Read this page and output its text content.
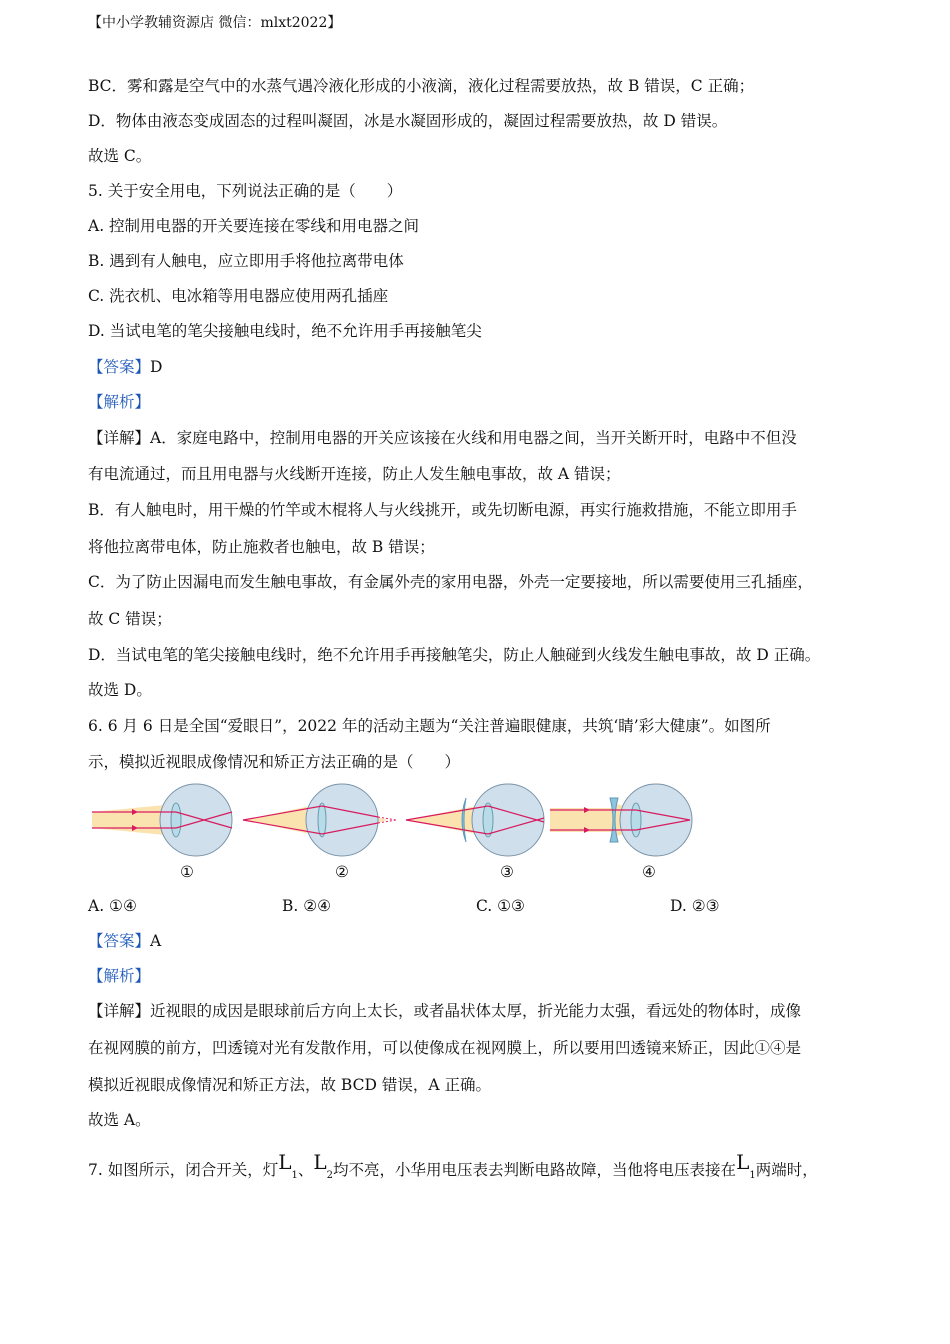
【中小学教辅资源店 微信：mlxt2022】
BC．雾和露是空气中的水蒸气遇冷液化形成的小液滴，液化过程需要放热，故 B 错误，C 正确；
D．物体由液态变成固态的过程叫凝固，冰是水凝固形成的，凝固过程需要放热，故 D 错误。
故选 C。
5. 关于安全用电，下列说法正确的是（　　）
A. 控制用电器的开关要连接在零线和用电器之间
B. 遇到有人触电，应立即用手将他拉离带电体
C. 洗衣机、电冰箱等用电器应使用两孔插座
D. 当试电笔的笔尖接触电线时，绝不允许用手再接触笔尖
【答案】D
【解析】
【详解】A．家庭电路中，控制用电器的开关应该接在火线和用电器之间，当开关断开时，电路中不但没
有电流通过，而且用电器与火线断开连接，防止人发生触电事故，故 A 错误；
B．有人触电时，用干燥的竹竿或木棍将人与火线挑开，或先切断电源，再实行施救措施，不能立即用手
将他拉离带电体，防止施救者也触电，故 B 错误；
C．为了防止因漏电而发生触电事故，有金属外壳的家用电器，外壳一定要接地，所以需要使用三孔插座，
故 C 错误；
D．当试电笔的笔尖接触电线时，绝不允许用手再接触笔尖，防止人触碰到火线发生触电事故，故 D 正确。
故选 D。
6. 6 月 6 日是全国“爱眼日”，2022 年的活动主题为“关注普遍眼健康，共筑‘睛’彩大健康”。如图所
示，模拟近视眼成像情况和矫正方法正确的是（　　）
①	②	③	④
A. ①④	B. ②④	C. ①③	D. ②③
【答案】A
【解析】
【详解】近视眼的成因是眼球前后方向上太长，或者晶状体太厚，折光能力太强，看远处的物体时，成像
在视网膜的前方，凹透镜对光有发散作用，可以使像成在视网膜上，所以要用凹透镜来矫正，因此①④是
模拟近视眼成像情况和矫正方法，故 BCD 错误，A 正确。
故选 A。
7. 如图所示，闭合开关，灯$L_1$、$L_2$均不亮，小华用电压表去判断电路故障，当他将电压表接在$L_1$两端时，
